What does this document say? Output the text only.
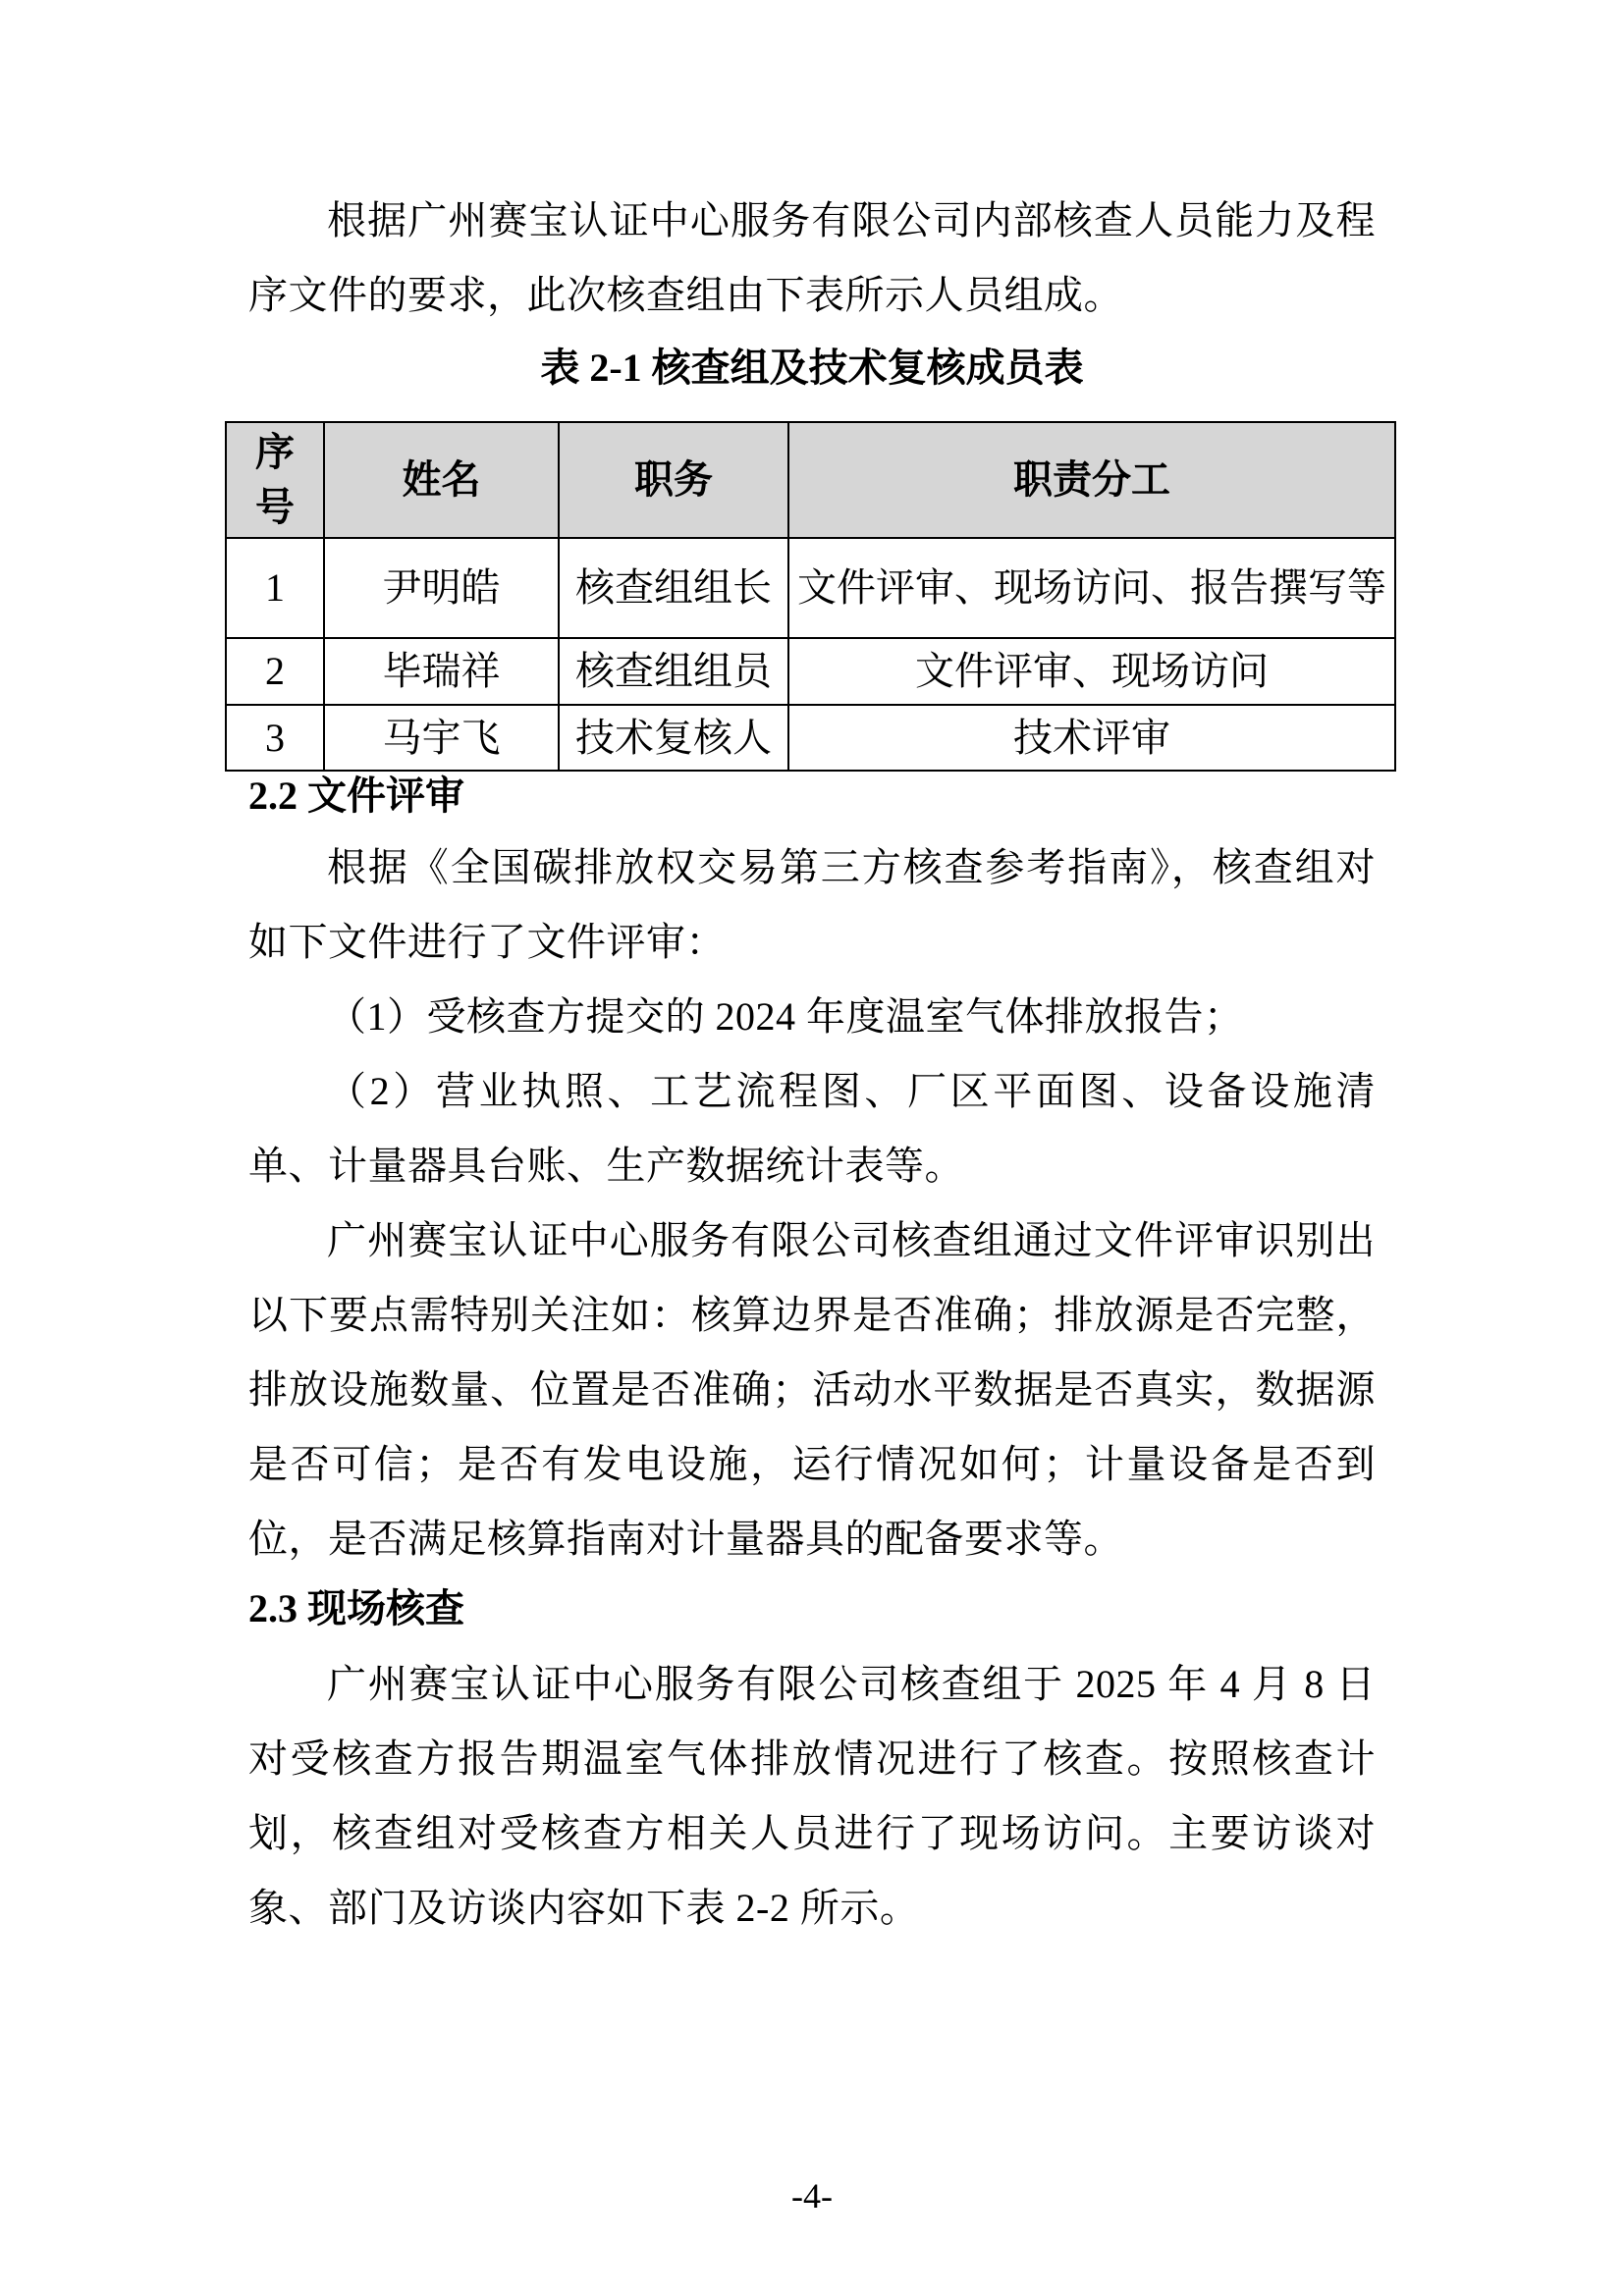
根据广州赛宝认证中心服务有限公司内部核查人员能力及程序文件的要求，此次核查组由下表所示人员组成。

表 2-1 核查组及技术复核成员表
序号	姓名	职务	职责分工
1	尹明皓	核查组组长	文件评审、现场访问、报告撰写等
2	毕瑞祥	核查组组员	文件评审、现场访问
3	马宇飞	技术复核人	技术评审
2.2 文件评审

根据《全国碳排放权交易第三方核查参考指南》，核查组对如下文件进行了文件评审：

（1）受核查方提交的 2024 年度温室气体排放报告；

（2）营业执照、工艺流程图、厂区平面图、设备设施清单、计量器具台账、生产数据统计表等。

广州赛宝认证中心服务有限公司核查组通过文件评审识别出以下要点需特别关注如：核算边界是否准确；排放源是否完整，排放设施数量、位置是否准确；活动水平数据是否真实，数据源是否可信；是否有发电设施，运行情况如何；计量设备是否到位，是否满足核算指南对计量器具的配备要求等。

2.3 现场核查

广州赛宝认证中心服务有限公司核查组于 2025 年 4 月 8 日对受核查方报告期温室气体排放情况进行了核查。按照核查计划，核查组对受核查方相关人员进行了现场访问。主要访谈对象、部门及访谈内容如下表 2-2 所示。

-4-
